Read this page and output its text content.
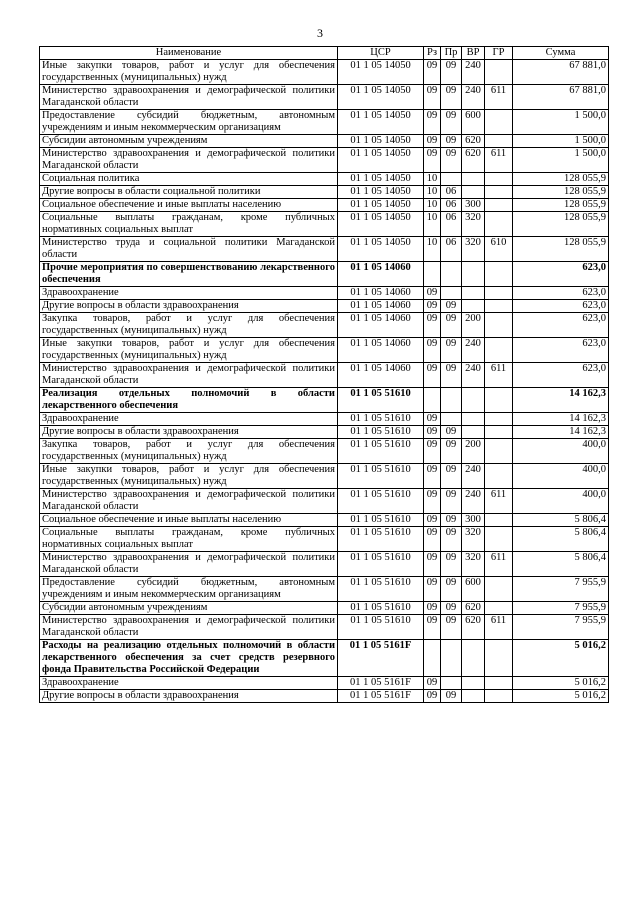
3
Наименование	ЦСР	Рз	Пр	ВР	ГР	Сумма
Иные закупки товаров, работ и услуг для обеспечения государственных (муниципальных) нужд	01 1 05 14050	09	09	240		67 881,0
Министерство здравоохранения и демографической политики Магаданской области	01 1 05 14050	09	09	240	611	67 881,0
Предоставление субсидий бюджетным, автономным учреждениям и иным некоммерческим организациям	01 1 05 14050	09	09	600		1 500,0
Субсидии автономным учреждениям	01 1 05 14050	09	09	620		1 500,0
Министерство здравоохранения и демографической политики Магаданской области	01 1 05 14050	09	09	620	611	1 500,0
Социальная политика	01 1 05 14050	10				128 055,9
Другие вопросы в области социальной политики	01 1 05 14050	10	06			128 055,9
Социальное обеспечение и иные выплаты населению	01 1 05 14050	10	06	300		128 055,9
Социальные выплаты гражданам, кроме публичных нормативных социальных выплат	01 1 05 14050	10	06	320		128 055,9
Министерство труда и социальной политики Магаданской области	01 1 05 14050	10	06	320	610	128 055,9
Прочие мероприятия по совершенствованию лекарственного обеспечения	01 1 05 14060					623,0
Здравоохранение	01 1 05 14060	09				623,0
Другие вопросы в области здравоохранения	01 1 05 14060	09	09			623,0
Закупка товаров, работ и услуг для обеспечения государственных (муниципальных) нужд	01 1 05 14060	09	09	200		623,0
Иные закупки товаров, работ и услуг для обеспечения государственных (муниципальных) нужд	01 1 05 14060	09	09	240		623,0
Министерство здравоохранения и демографической политики Магаданской области	01 1 05 14060	09	09	240	611	623,0
Реализация отдельных полномочий в области лекарственного обеспечения	01 1 05 51610					14 162,3
Здравоохранение	01 1 05 51610	09				14 162,3
Другие вопросы в области здравоохранения	01 1 05 51610	09	09			14 162,3
Закупка товаров, работ и услуг для обеспечения государственных (муниципальных) нужд	01 1 05 51610	09	09	200		400,0
Иные закупки товаров, работ и услуг для обеспечения государственных (муниципальных) нужд	01 1 05 51610	09	09	240		400,0
Министерство здравоохранения и демографической политики Магаданской области	01 1 05 51610	09	09	240	611	400,0
Социальное обеспечение и иные выплаты населению	01 1 05 51610	09	09	300		5 806,4
Социальные выплаты гражданам, кроме публичных нормативных социальных выплат	01 1 05 51610	09	09	320		5 806,4
Министерство здравоохранения и демографической политики Магаданской области	01 1 05 51610	09	09	320	611	5 806,4
Предоставление субсидий бюджетным, автономным учреждениям и иным некоммерческим организациям	01 1 05 51610	09	09	600		7 955,9
Субсидии автономным учреждениям	01 1 05 51610	09	09	620		7 955,9
Министерство здравоохранения и демографической политики Магаданской области	01 1 05 51610	09	09	620	611	7 955,9
Расходы на реализацию отдельных полномочий в области лекарственного обеспечения за счет средств резервного фонда Правительства Российской Федерации	01 1 05 5161F					5 016,2
Здравоохранение	01 1 05 5161F	09				5 016,2
Другие вопросы в области здравоохранения	01 1 05 5161F	09	09			5 016,2
